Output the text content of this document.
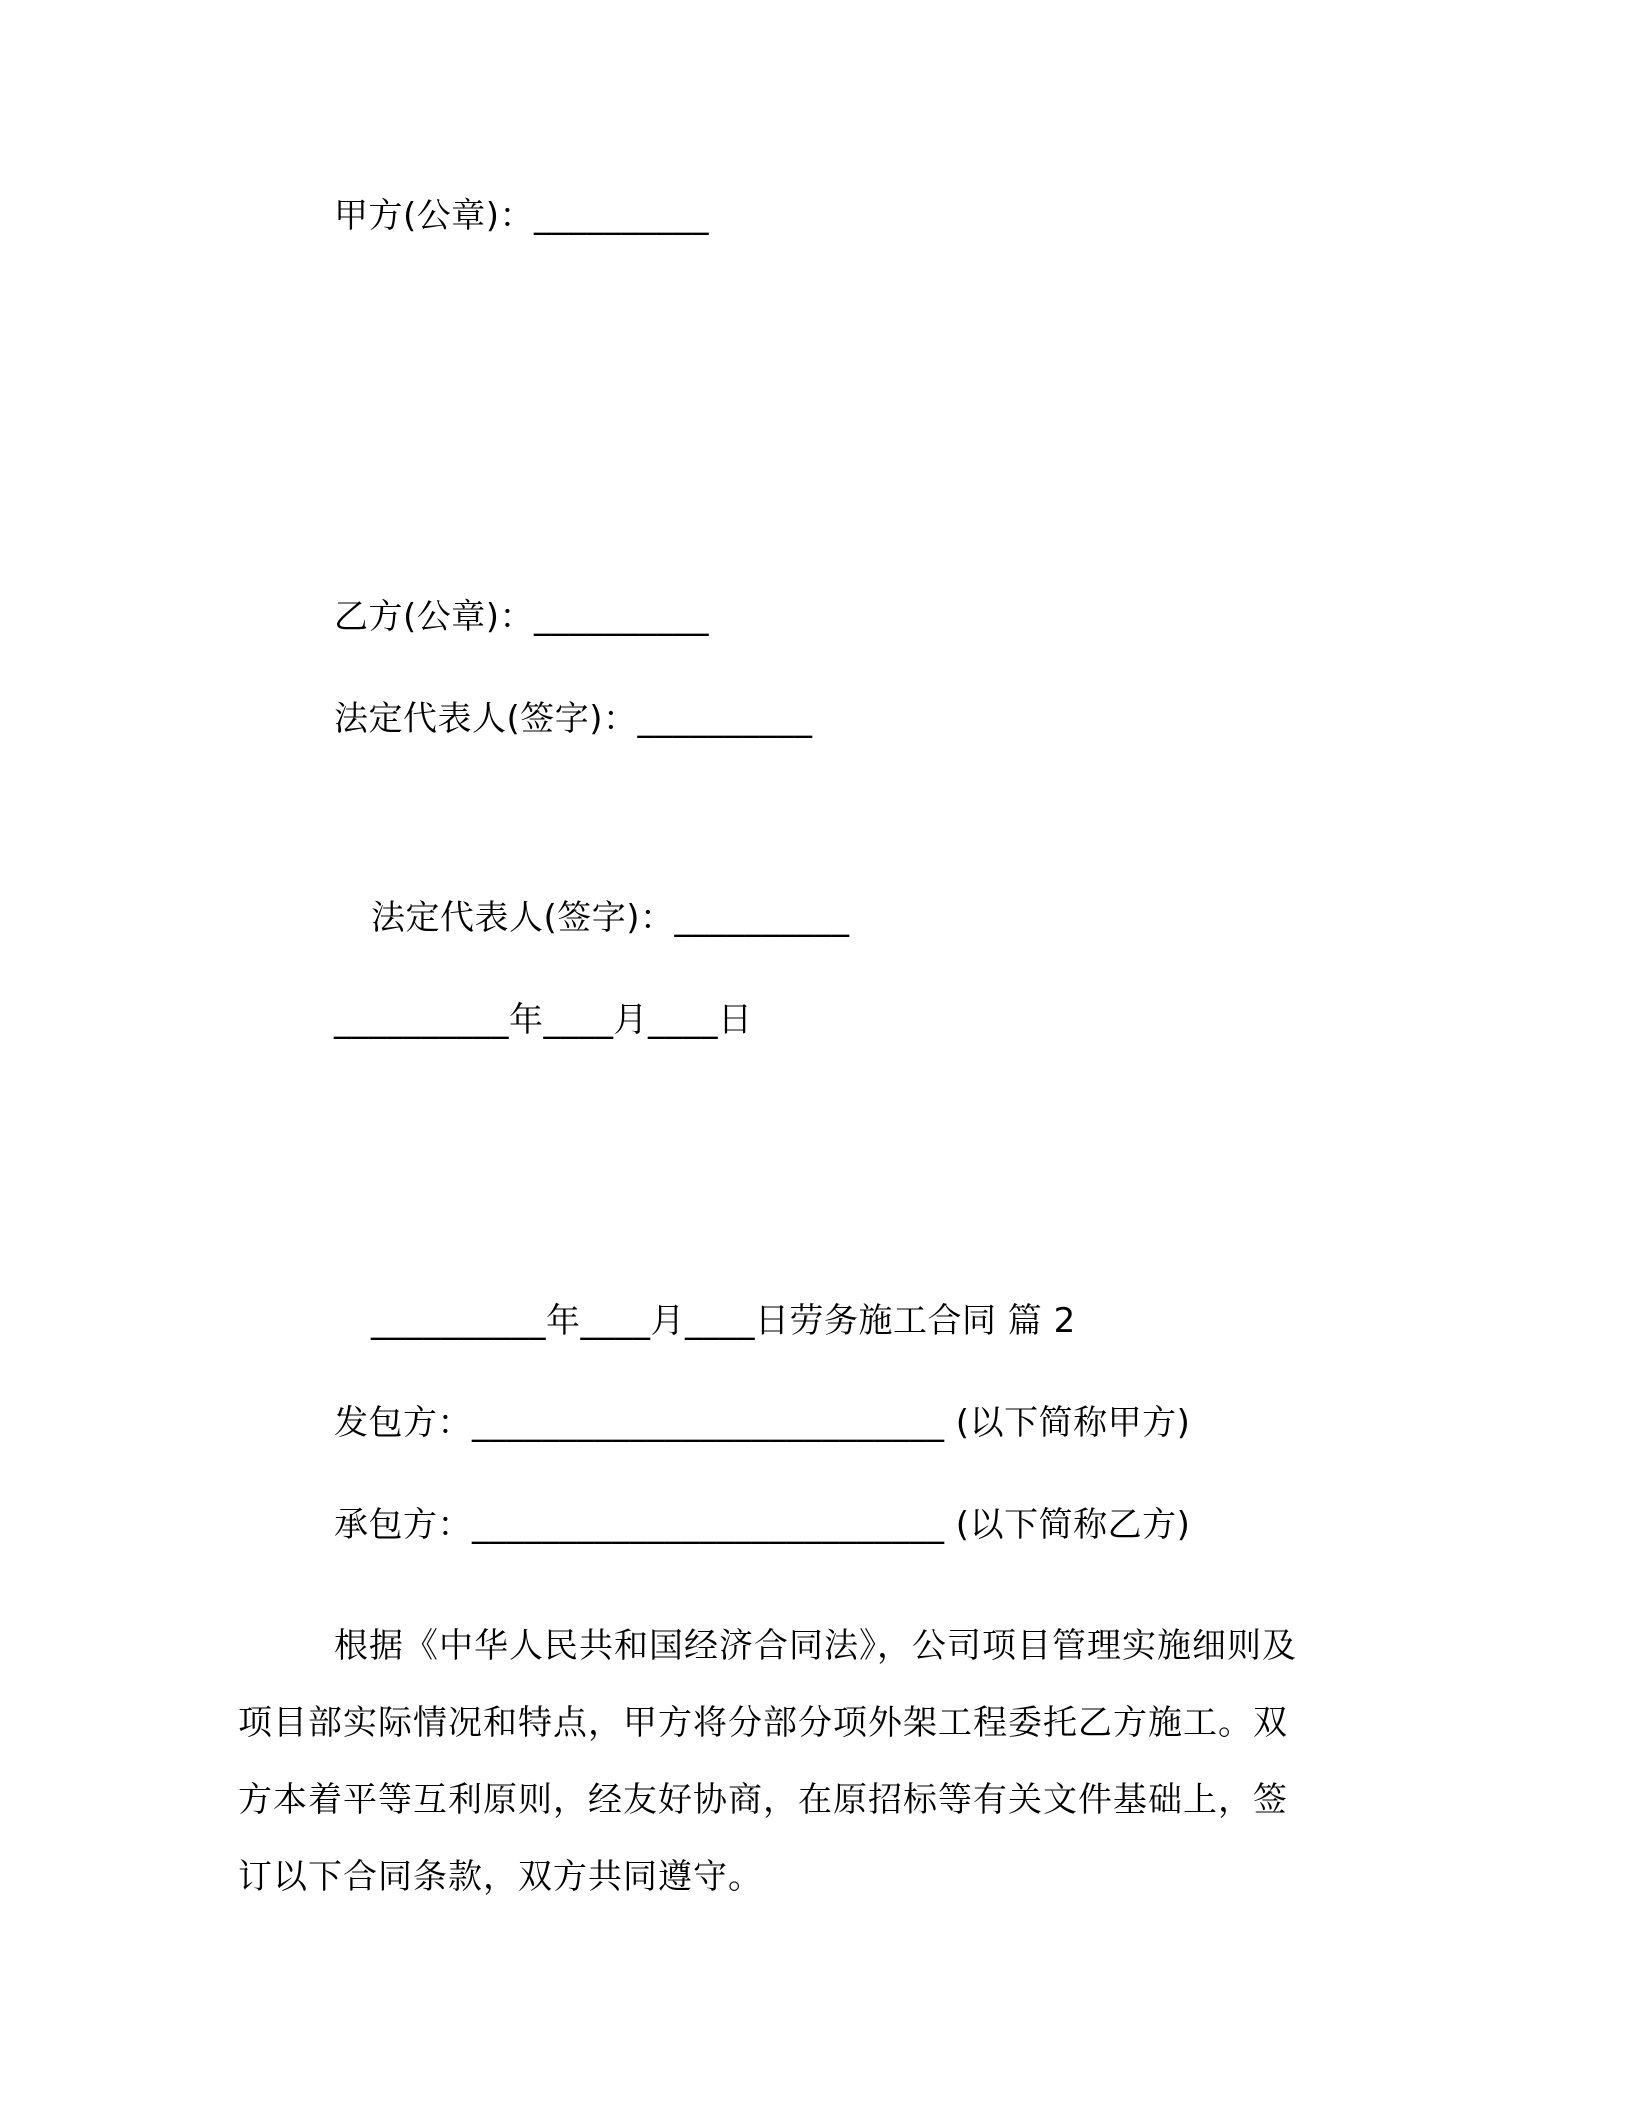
甲方(公章)：__________
乙方(公章)：__________
法定代表人(签字)：__________
法定代表人(签字)：__________
__________年____月____日
__________年____月____日劳务施工合同 篇 2
发包方：___________________________ (以下简称甲方)
承包方：___________________________ (以下简称乙方)
根据《中华人民共和国经济合同法》，公司项目管理实施细则及
项目部实际情况和特点，甲方将分部分项外架工程委托乙方施工。双
方本着平等互利原则，经友好协商，在原招标等有关文件基础上，签
订以下合同条款，双方共同遵守。
